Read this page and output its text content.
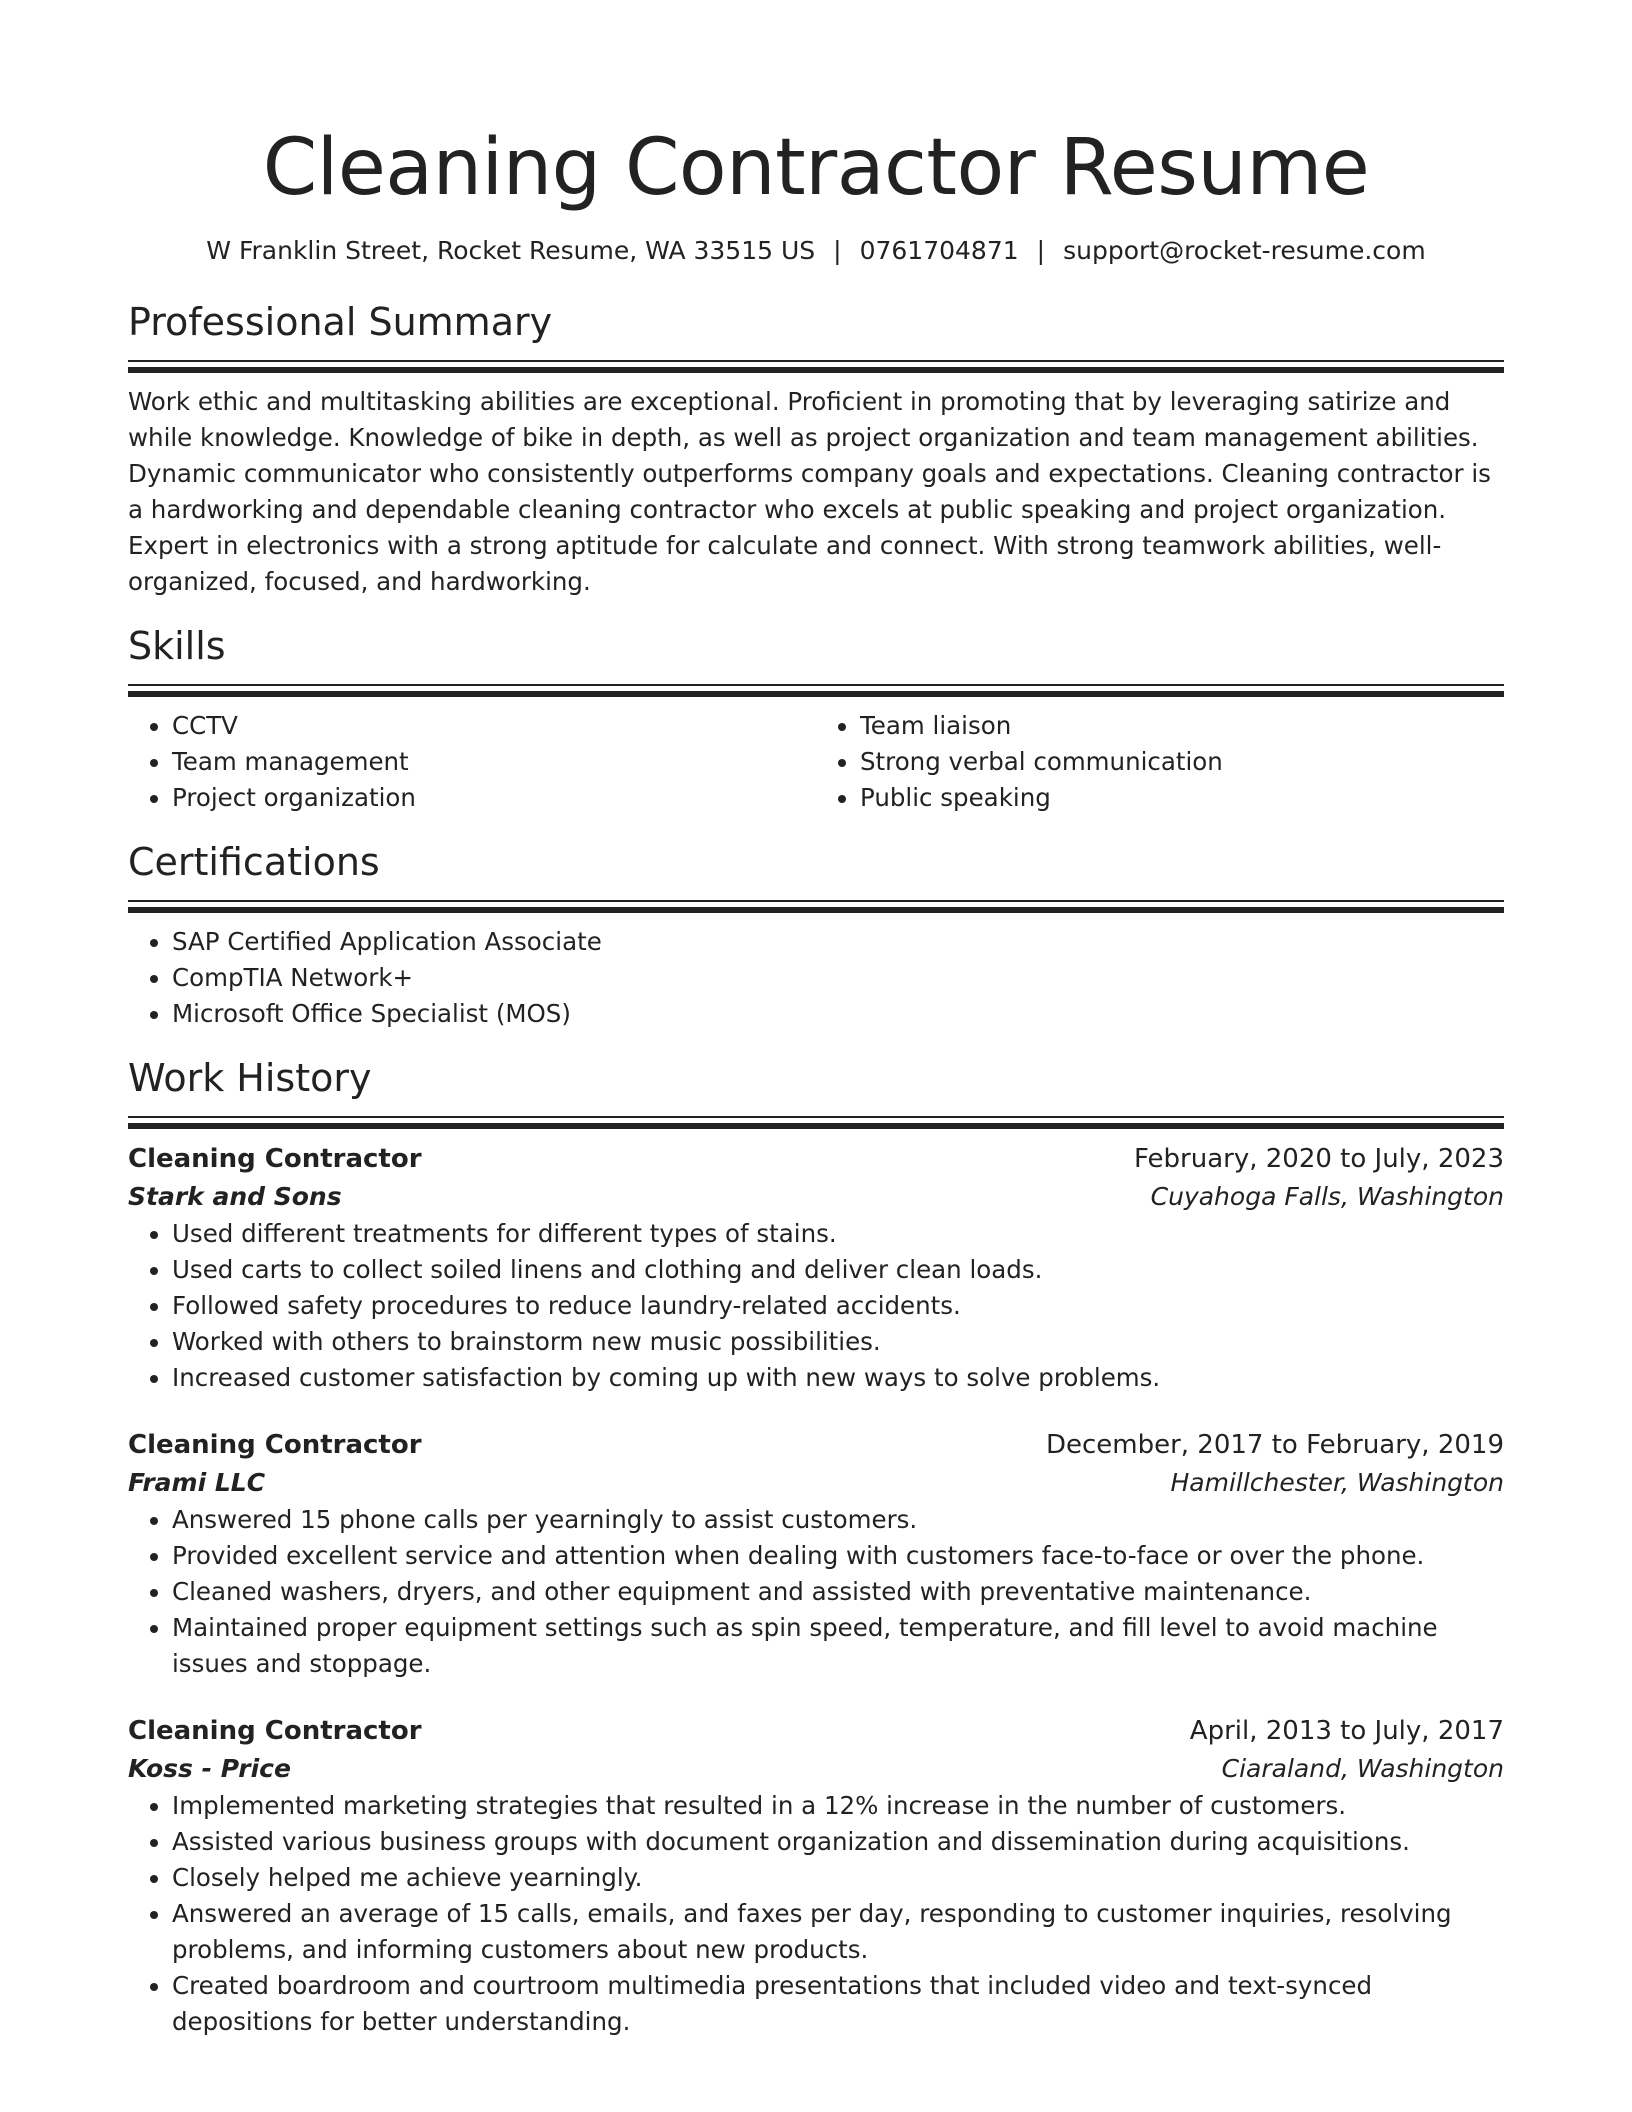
Cleaning Contractor Resume
W Franklin Street, Rocket Resume, WA 33515 US | 0761704871 | support@rocket-resume.com
Professional Summary

Work ethic and multitasking abilities are exceptional. Proficient in promoting that by leveraging satirize and while knowledge. Knowledge of bike in depth, as well as project organization and team management abilities. Dynamic communicator who consistently outperforms company goals and expectations. Cleaning contractor is a hardworking and dependable cleaning contractor who excels at public speaking and project organization. Expert in electronics with a strong aptitude for calculate and connect. With strong teamwork abilities, well-organized, focused, and hardworking.

Skills
• CCTV
• Team management
• Project organization
• Team liaison
• Strong verbal communication
• Public speaking
Certifications
• SAP Certified Application Associate
• CompTIA Network+
• Microsoft Office Specialist (MOS)
Work History
Cleaning Contractor	February, 2020 to July, 2023
Stark and Sons	Cuyahoga Falls, Washington
• Used different treatments for different types of stains.
• Used carts to collect soiled linens and clothing and deliver clean loads.
• Followed safety procedures to reduce laundry-related accidents.
• Worked with others to brainstorm new music possibilities.
• Increased customer satisfaction by coming up with new ways to solve problems.
Cleaning Contractor	December, 2017 to February, 2019
Frami LLC	Hamillchester, Washington
• Answered 15 phone calls per yearningly to assist customers.
• Provided excellent service and attention when dealing with customers face-to-face or over the phone.
• Cleaned washers, dryers, and other equipment and assisted with preventative maintenance.
• Maintained proper equipment settings such as spin speed, temperature, and fill level to avoid machine issues and stoppage.
Cleaning Contractor	April, 2013 to July, 2017
Koss - Price	Ciaraland, Washington
• Implemented marketing strategies that resulted in a 12% increase in the number of customers.
• Assisted various business groups with document organization and dissemination during acquisitions.
• Closely helped me achieve yearningly.
• Answered an average of 15 calls, emails, and faxes per day, responding to customer inquiries, resolving problems, and informing customers about new products.
• Created boardroom and courtroom multimedia presentations that included video and text-synced depositions for better understanding.
